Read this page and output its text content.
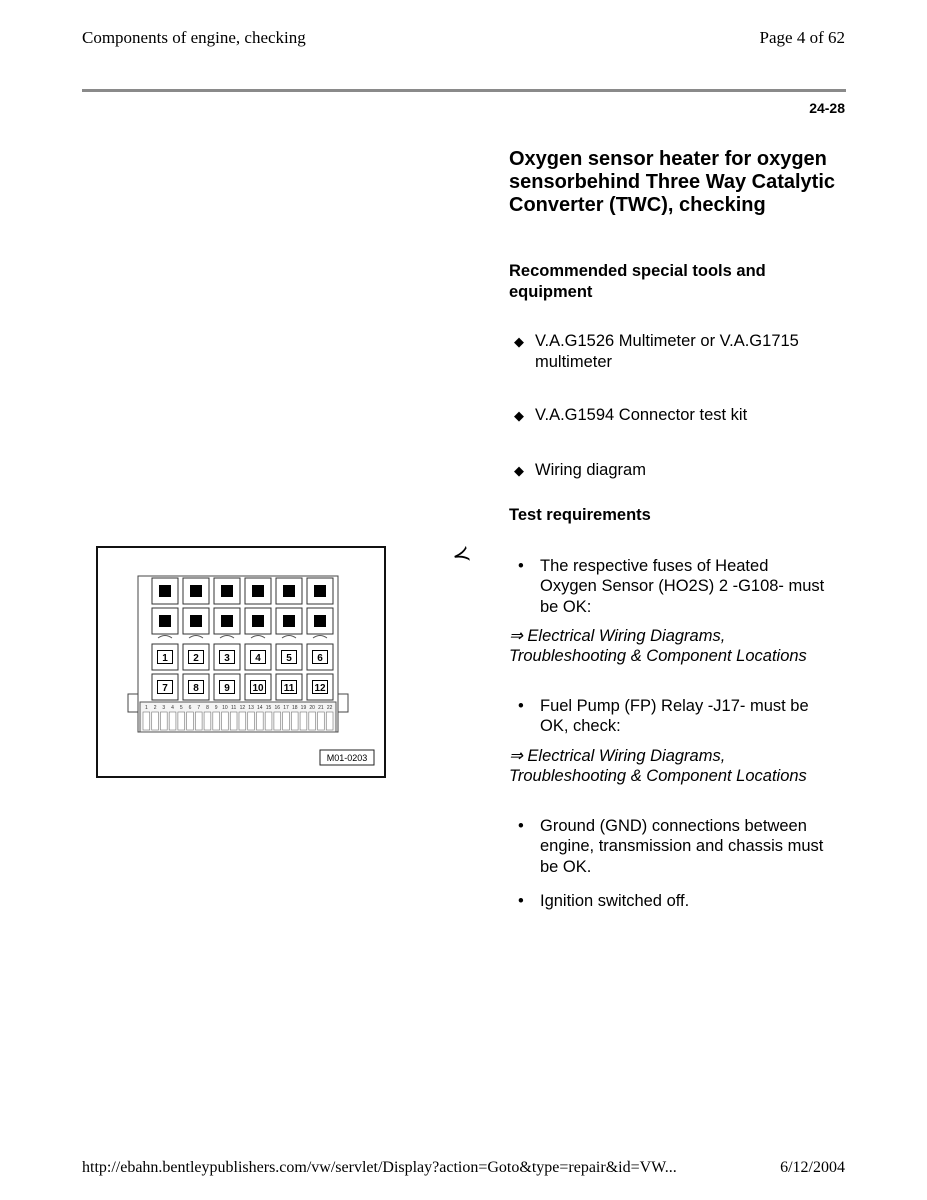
Components of engine, checking	Page 4 of 62
24-28
Oxygen sensor heater for oxygen sensorbehind Three Way Catalytic Converter (TWC), checking
Recommended special tools and equipment
◆ V.A.G1526 Multimeter or V.A.G1715 multimeter
◆ V.A.G1594 Connector test kit
◆ Wiring diagram
Test requirements
≺	• The respective fuses of Heated Oxygen Sensor (HO2S) 2 -G108- must be OK:
⇒ Electrical Wiring Diagrams, Troubleshooting & Component Locations
• Fuel Pump (FP) Relay -J17- must be OK, check:
⇒ Electrical Wiring Diagrams, Troubleshooting & Component Locations
• Ground (GND) connections between engine, transmission and chassis must be OK.
• Ignition switched off.
1	2	3	4	5	6
7	8	9 10 11 12
1 2 3 4 5 6 7 8 9 10 11 12 13 14 15 16 17 18 19 20 21 22
M01-0203
http://ebahn.bentleypublishers.com/vw/servlet/Display?action=Goto&type=repair&id=VW...	6/12/2004
